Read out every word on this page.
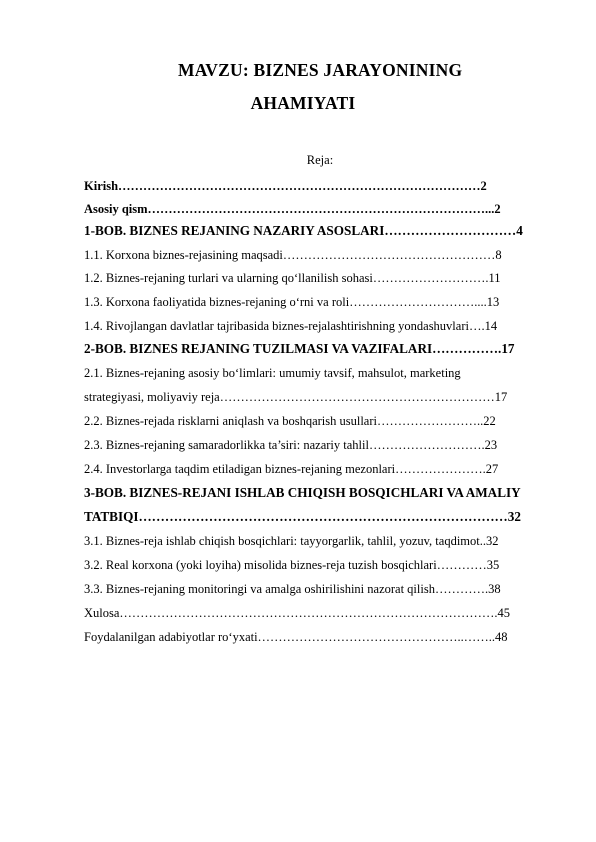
MAVZU: BIZNES JARAYONINING
AHAMIYATI
Reja:
Kirish……………………………………………………………………………2
Asosiy qism………………………………………………………………………...2
1-BOB. BIZNES REJANING NAZARIY ASOSLARI…………………………4
1.1. Korxona biznes-rejasining maqsadi……………………………………………8
1.2. Biznes-rejaning turlari va ularning qo‘llanilish sohasi……………………….11
1.3. Korxona faoliyatida biznes-rejaning o‘rni va roli…………………………....13
1.4. Rivojlangan davlatlar tajribasida biznes-rejalashtirishning yondashuvlari….14
2-BOB. BIZNES REJANING TUZILMASI VA VAZIFALARI…………….17
2.1. Biznes-rejaning asosiy bo‘limlari: umumiy tavsif, mahsulot, marketing
strategiyasi, moliyaviy reja…………………………………………………………17
2.2. Biznes-rejada risklarni aniqlash va boshqarish usullari……………………..22
2.3. Biznes-rejaning samaradorlikka ta’siri: nazariy tahlil……………………….23
2.4. Investorlarga taqdim etiladigan biznes-rejaning mezonlari………………….27
3-BOB. BIZNES-REJANI ISHLAB CHIQISH BOSQICHLARI VA AMALIY
TATBIQI…………………………………………………………………………32
3.1. Biznes-reja ishlab chiqish bosqichlari: tayyorgarlik, tahlil, yozuv, taqdimot..32
3.2. Real korxona (yoki loyiha) misolida biznes-reja tuzish bosqichlari…………35
3.3. Biznes-rejaning monitoringi va amalga oshirilishini nazorat qilish………….38
Xulosa……………………………………………………………………………….45
Foydalanilgan adabiyotlar ro‘yxati…………………………………………..……..48
